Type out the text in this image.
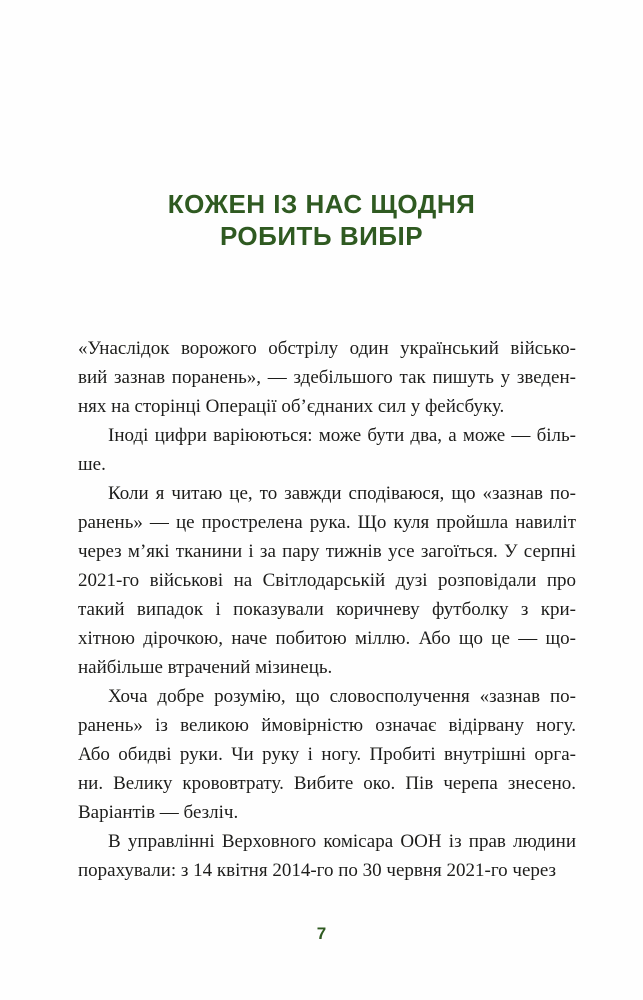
КОЖЕН ІЗ НАС ЩОДНЯ
РОБИТЬ ВИБІР

«Унаслідок ворожого обстрілу один український військо-
вий зазнав поранень», — здебільшого так пишуть у зведен-
нях на сторінці Операції об’єднаних сил у фейсбуку.

Іноді цифри варіюються: може бути два, а може — біль-
ше.

Коли я читаю це, то завжди сподіваюся, що «зазнав по-
ранень» — це прострелена рука. Що куля пройшла навиліт
через м’які тканини і за пару тижнів усе загоїться. У серпні
2021-го військові на Світлодарській дузі розповідали про
такий випадок і показували коричневу футболку з кри-
хітною дірочкою, наче побитою міллю. Або що це — що-
найбільше втрачений мізинець.

Хоча добре розумію, що словосполучення «зазнав по-
ранень» із великою ймовірністю означає відірвану ногу.
Або обидві руки. Чи руку і ногу. Пробиті внутрішні орга-
ни. Велику крововтрату. Вибите око. Пів черепа знесено.
Варіантів — безліч.

В управлінні Верховного комісара ООН із прав людини
порахували: з 14 квітня 2014-го по 30 червня 2021-го через

7
